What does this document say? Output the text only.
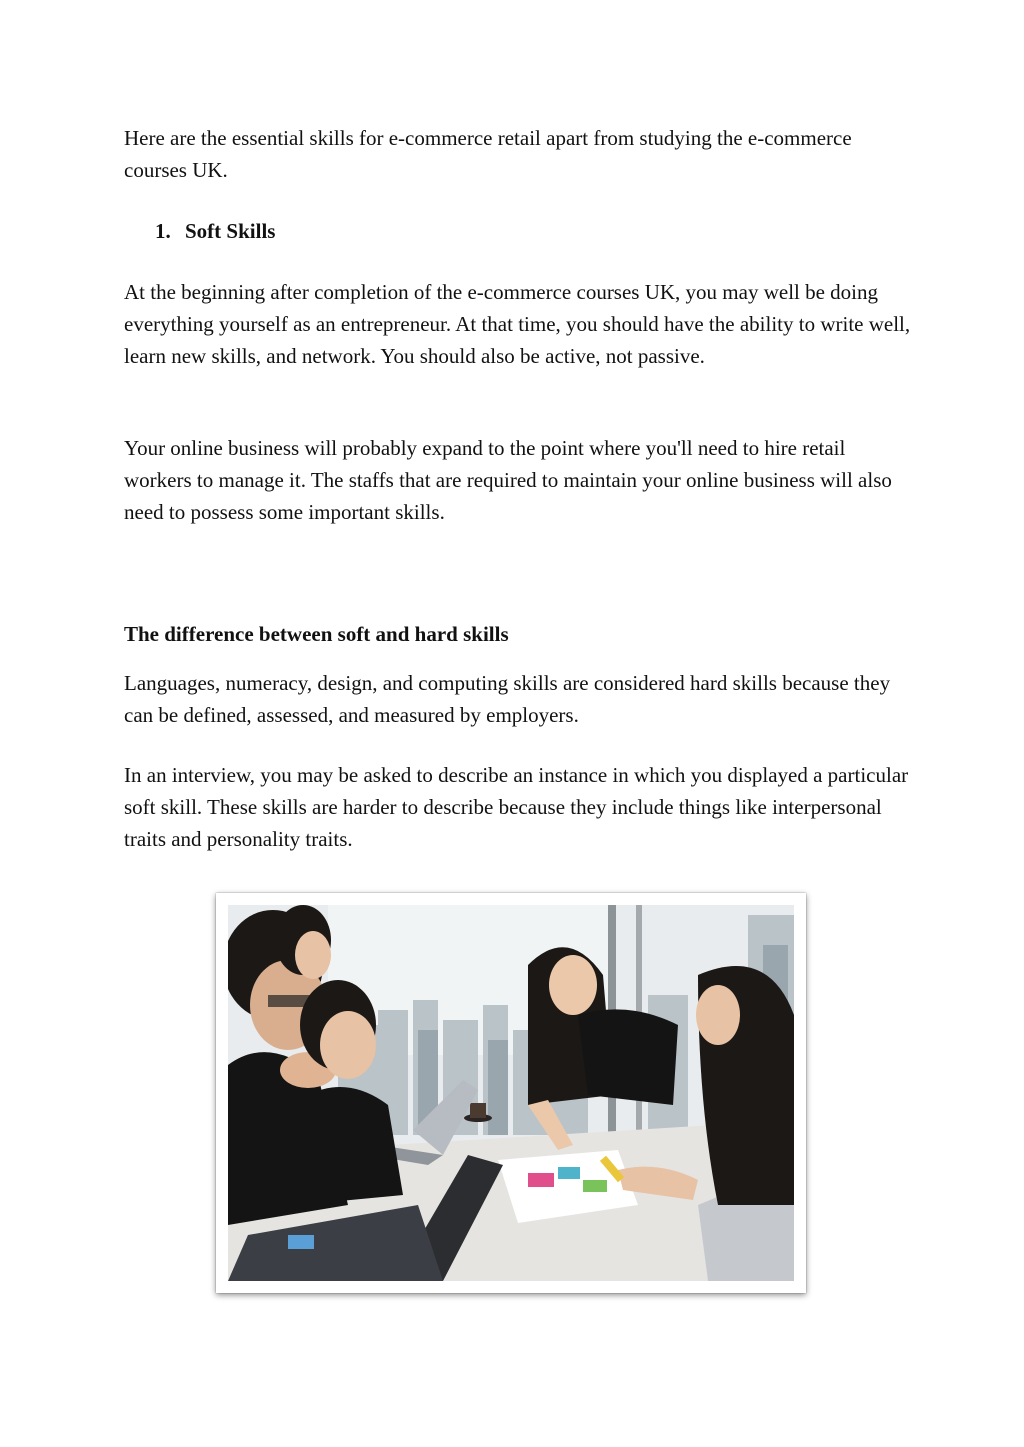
Here are the essential skills for e-commerce retail apart from studying the e-commerce courses UK.

1. Soft Skills

At the beginning after completion of the e-commerce courses UK, you may well be doing everything yourself as an entrepreneur. At that time, you should have the ability to write well, learn new skills, and network. You should also be active, not passive.

Your online business will probably expand to the point where you'll need to hire retail workers to manage it. The staffs that are required to maintain your online business will also need to possess some important skills.

The difference between soft and hard skills

Languages, numeracy, design, and computing skills are considered hard skills because they can be defined, assessed, and measured by employers.

In an interview, you may be asked to describe an instance in which you displayed a particular soft skill. These skills are harder to describe because they include things like interpersonal traits and personality traits.
